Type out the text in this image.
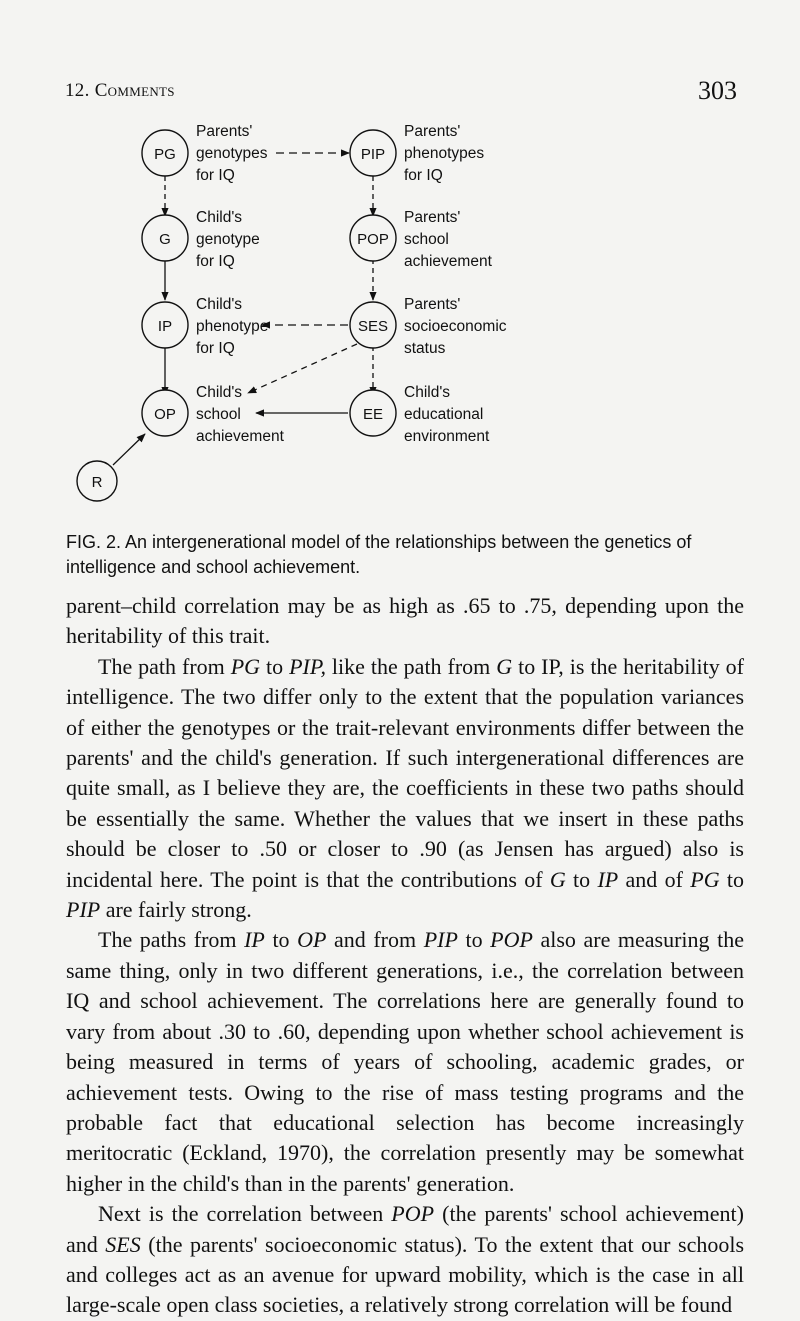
12. Comments	303
PG
G
IP
OP
PIP
POP
SES
EE
R
Parents'
genotypes
for IQ
Child's
genotype
for IQ
Child's
phenotype
for IQ
Child's
school
achievement
Parents'
phenotypes
for IQ
Parents'
school
achievement
Parents'
socioeconomic
status
Child's
educational
environment
FIG. 2. An intergenerational model of the relationships between the genetics of intelligence and school achievement.

parent–child correlation may be as high as .65 to .75, depending upon the heritability of this trait.

The path from PG to PIP, like the path from G to IP, is the heritability of intelligence. The two differ only to the extent that the population variances of either the genotypes or the trait-relevant environments differ between the parents' and the child's generation. If such intergenerational differences are quite small, as I believe they are, the coefficients in these two paths should be essentially the same. Whether the values that we insert in these paths should be closer to .50 or closer to .90 (as Jensen has argued) also is incidental here. The point is that the contributions of G to IP and of PG to PIP are fairly strong.

The paths from IP to OP and from PIP to POP also are measuring the same thing, only in two different generations, i.e., the correlation between IQ and school achievement. The correlations here are generally found to vary from about .30 to .60, depending upon whether school achievement is being measured in terms of years of schooling, academic grades, or achievement tests. Owing to the rise of mass testing programs and the probable fact that educational selection has become increasingly meritocratic (Eckland, 1970), the correlation presently may be somewhat higher in the child's than in the parents' generation.

Next is the correlation between POP (the parents' school achievement) and SES (the parents' socioeconomic status). To the extent that our schools and colleges act as an avenue for upward mobility, which is the case in all large-scale open class societies, a relatively strong correlation will be found
